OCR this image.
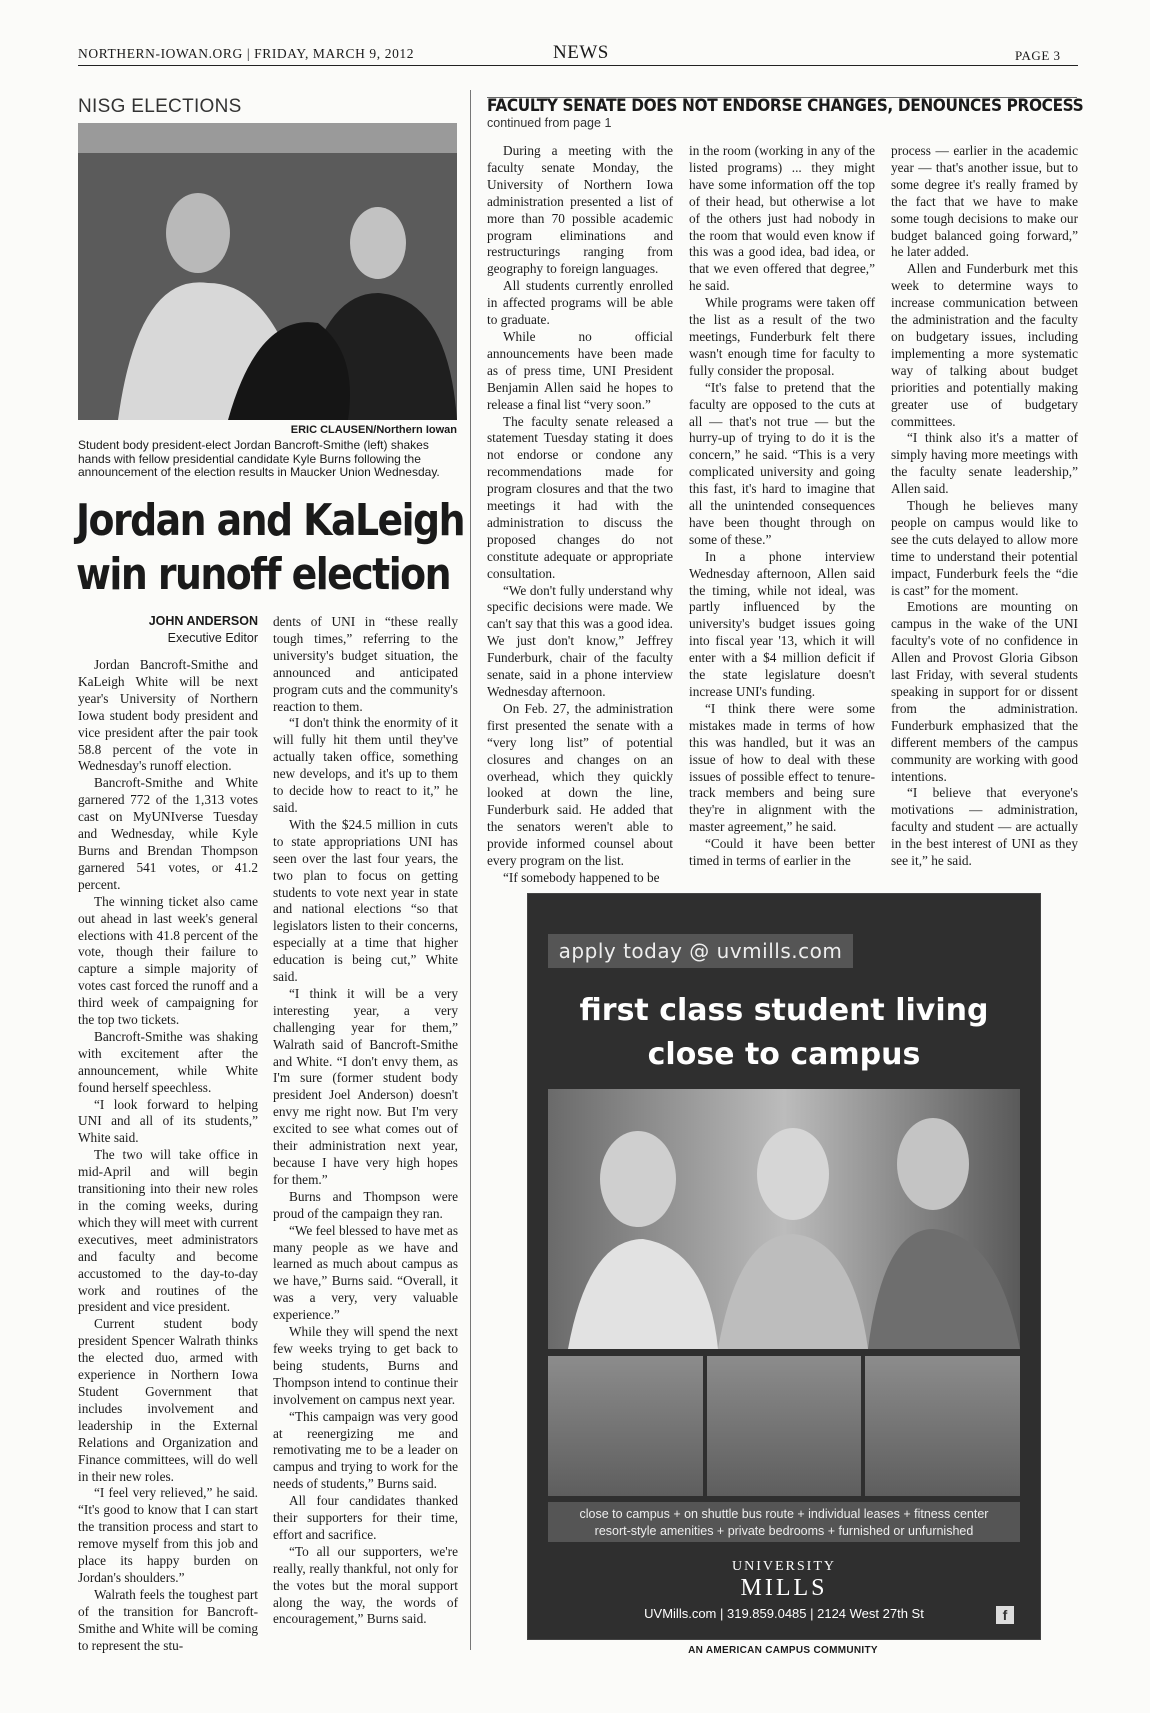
NORTHERN-IOWAN.ORG | FRIDAY, MARCH 9, 2012	NEWS	PAGE 3
NISG ELECTIONS
ERIC CLAUSEN/Northern Iowan
Student body president-elect Jordan Bancroft-Smithe (left) shakes hands with fellow presidential candidate Kyle Burns following the announcement of the election results in Maucker Union Wednesday.
Jordan and KaLeigh
win runoff election
JOHN ANDERSON
Executive Editor

Jordan Bancroft-Smithe and KaLeigh White will be next year's University of Northern Iowa student body president and vice president after the pair took 58.8 percent of the vote in Wednesday's runoff election.

Bancroft-Smithe and White garnered 772 of the 1,313 votes cast on MyUNIverse Tuesday and Wednesday, while Kyle Burns and Brendan Thompson garnered 541 votes, or 41.2 percent.

The winning ticket also came out ahead in last week's general elections with 41.8 percent of the vote, though their failure to capture a simple majority of votes cast forced the runoff and a third week of campaigning for the top two tickets.

Bancroft-Smithe was shaking with excitement after the announcement, while White found herself speechless.

“I look forward to helping UNI and all of its students,” White said.

The two will take office in mid-April and will begin transitioning into their new roles in the coming weeks, during which they will meet with current executives, meet administrators and faculty and become accustomed to the day-to-day work and routines of the president and vice president.

Current student body president Spencer Walrath thinks the elected duo, armed with experience in Northern Iowa Student Government that includes involvement and leadership in the External Relations and Organization and Finance committees, will do well in their new roles.

“I feel very relieved,” he said. “It's good to know that I can start the transition process and start to remove myself from this job and place its happy burden on Jordan's shoulders.”

Walrath feels the toughest part of the transition for Bancroft-Smithe and White will be coming to represent the stu-

dents of UNI in “these really tough times,” referring to the university's budget situation, the announced and anticipated program cuts and the community's reaction to them.

“I don't think the enormity of it will fully hit them until they've actually taken office, something new develops, and it's up to them to decide how to react to it,” he said.

With the $24.5 million in cuts to state appropriations UNI has seen over the last four years, the two plan to focus on getting students to vote next year in state and national elections “so that legislators listen to their concerns, especially at a time that higher education is being cut,” White said.

“I think it will be a very interesting year, a very challenging year for them,” Walrath said of Bancroft-Smithe and White. “I don't envy them, as I'm sure (former student body president Joel Anderson) doesn't envy me right now. But I'm very excited to see what comes out of their administration next year, because I have very high hopes for them.”

Burns and Thompson were proud of the campaign they ran.

“We feel blessed to have met as many people as we have and learned as much about campus as we have,” Burns said. “Overall, it was a very, very valuable experience.”

While they will spend the next few weeks trying to get back to being students, Burns and Thompson intend to continue their involvement on campus next year.

“This campaign was very good at reenergizing me and remotivating me to be a leader on campus and trying to work for the needs of students,” Burns said.

All four candidates thanked their supporters for their time, effort and sacrifice.

“To all our supporters, we're really, really thankful, not only for the votes but the moral support along the way, the words of encouragement,” Burns said.

FACULTY SENATE DOES NOT ENDORSE CHANGES, DENOUNCES PROCESS
continued from page 1

During a meeting with the faculty senate Monday, the University of Northern Iowa administration presented a list of more than 70 possible academic program eliminations and restructurings ranging from geography to foreign languages.

All students currently enrolled in affected programs will be able to graduate.

While no official announcements have been made as of press time, UNI President Benjamin Allen said he hopes to release a final list “very soon.”

The faculty senate released a statement Tuesday stating it does not endorse or condone any recommendations made for program closures and that the two meetings it had with the administration to discuss the proposed changes do not constitute adequate or appropriate consultation.

“We don't fully understand why specific decisions were made. We can't say that this was a good idea. We just don't know,” Jeffrey Funderburk, chair of the faculty senate, said in a phone interview Wednesday afternoon.

On Feb. 27, the administration first presented the senate with a “very long list” of potential closures and changes on an overhead, which they quickly looked at down the line, Funderburk said. He added that the senators weren't able to provide informed counsel about every program on the list.

“If somebody happened to be

in the room (working in any of the listed programs) ... they might have some information off the top of their head, but otherwise a lot of the others just had nobody in the room that would even know if this was a good idea, bad idea, or that we even offered that degree,” he said.

While programs were taken off the list as a result of the two meetings, Funderburk felt there wasn't enough time for faculty to fully consider the proposal.

“It's false to pretend that the faculty are opposed to the cuts at all — that's not true — but the hurry-up of trying to do it is the concern,” he said. “This is a very complicated university and going this fast, it's hard to imagine that all the unintended consequences have been thought through on some of these.”

In a phone interview Wednesday afternoon, Allen said the timing, while not ideal, was partly influenced by the university's budget issues going into fiscal year '13, which it will enter with a $4 million deficit if the state legislature doesn't increase UNI's funding.

“I think there were some mistakes made in terms of how this was handled, but it was an issue of how to deal with these issues of possible effect to tenure-track members and being sure they're in alignment with the master agreement,” he said.

“Could it have been better timed in terms of earlier in the

process — earlier in the academic year — that's another issue, but to some degree it's really framed by the fact that we have to make some tough decisions to make our budget balanced going forward,” he later added.

Allen and Funderburk met this week to determine ways to increase communication between the administration and the faculty on budgetary issues, including implementing a more systematic way of talking about budget priorities and potentially making greater use of budgetary committees.

“I think also it's a matter of simply having more meetings with the faculty senate leadership,” Allen said.

Though he believes many people on campus would like to see the cuts delayed to allow more time to understand their potential impact, Funderburk feels the “die is cast” for the moment.

Emotions are mounting on campus in the wake of the UNI faculty's vote of no confidence in Allen and Provost Gloria Gibson last Friday, with several students speaking in support for or dissent from the administration. Funderburk emphasized that the different members of the campus community are working with good intentions.

“I believe that everyone's motivations — administration, faculty and student — are actually in the best interest of UNI as they see it,” he said.

apply today @ uvmills.com
first class student living
close to campus
close to campus + on shuttle bus route + individual leases + fitness center
resort-style amenities + private bedrooms + furnished or unfurnished
UNIVERSITY
MILLS
UVMills.com | 319.859.0485 | 2124 West 27th St	f
AN AMERICAN CAMPUS COMMUNITY
